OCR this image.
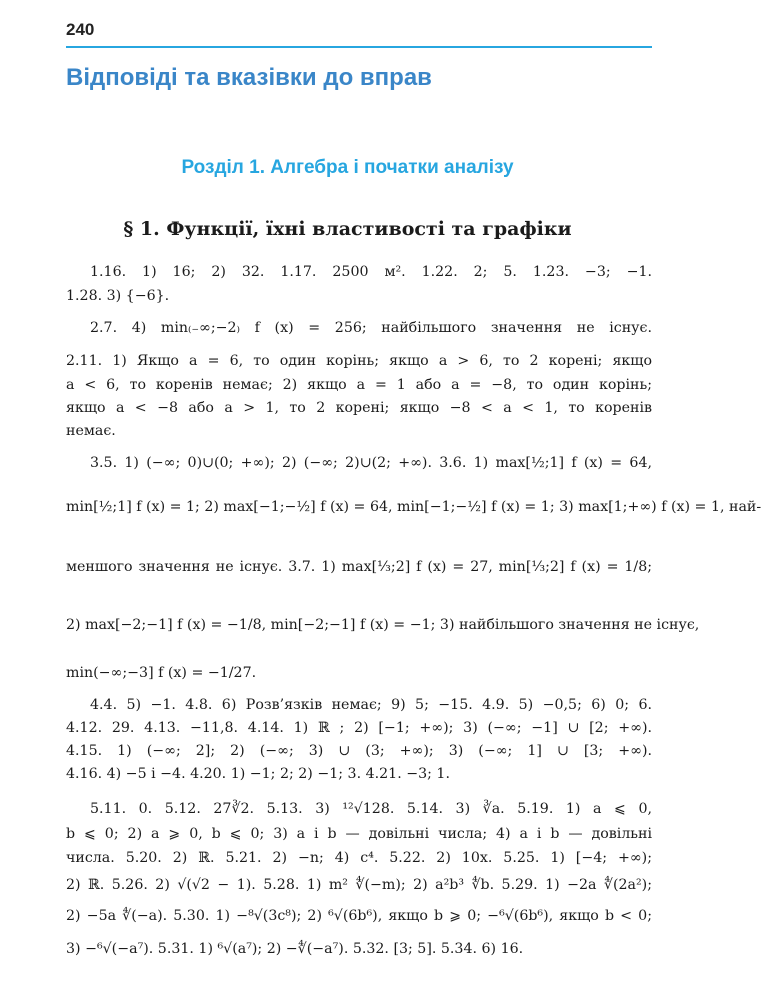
240
Відповіді та вказівки до вправ
Розділ 1. Алгебра і початки аналізу
§ 1. Функції, їхні властивості та графіки
1.16. 1) 16; 2) 32. 1.17. 2500 м². 1.22. 2; 5. 1.23. −3; −1.
1.28. 3) {−6}.
2.7. 4) min₍₋∞;−2₎ f (x) = 256; найбільшого значення не існує.
2.11. 1) Якщо a = 6, то один корінь; якщо a > 6, то 2 корені; якщо
a < 6, то коренів немає; 2) якщо a = 1 або a = −8, то один корінь;
якщо a < −8 або a > 1, то 2 корені; якщо −8 < a < 1, то коренів
немає.
3.5. 1) (−∞; 0)∪(0; +∞); 2) (−∞; 2)∪(2; +∞). 3.6. 1) max[½;1] f (x) = 64,
min[½;1] f (x) = 1; 2) max[−1;−½] f (x) = 64, min[−1;−½] f (x) = 1; 3) max[1;+∞) f (x) = 1, най-
меншого значення не існує. 3.7. 1) max[⅓;2] f (x) = 27, min[⅓;2] f (x) = 1/8;
2) max[−2;−1] f (x) = −1/8, min[−2;−1] f (x) = −1; 3) найбільшого значення не існує,
min(−∞;−3] f (x) = −1/27.
4.4. 5) −1. 4.8. 6) Розв’язків немає; 9) 5; −15. 4.9. 5) −0,5; 6) 0; 6.
4.12. 29. 4.13. −11,8. 4.14. 1) ℝ ; 2) [−1; +∞); 3) (−∞; −1] ∪ [2; +∞).
4.15. 1) (−∞; 2]; 2) (−∞; 3) ∪ (3; +∞); 3) (−∞; 1] ∪ [3; +∞).
4.16. 4) −5 і −4. 4.20. 1) −1; 2; 2) −1; 3. 4.21. −3; 1.
5.11. 0. 5.12. 27∛2. 5.13. 3) ¹²√128. 5.14. 3) ∛a. 5.19. 1) a ⩽ 0,
b ⩽ 0; 2) a ⩾ 0, b ⩽ 0; 3) a і b — довільні числа; 4) a і b — довільні
числа. 5.20. 2) ℝ. 5.21. 2) −n; 4) c⁴. 5.22. 2) 10x. 5.25. 1) [−4; +∞);
2) ℝ. 5.26. 2) √(√2 − 1). 5.28. 1) m² ∜(−m); 2) a²b³ ∜b. 5.29. 1) −2a ∜(2a²);
2) −5a ∜(−a). 5.30. 1) −⁸√(3c⁸); 2) ⁶√(6b⁶), якщо b ⩾ 0; −⁶√(6b⁶), якщо b < 0;
3) −⁶√(−a⁷). 5.31. 1) ⁶√(a⁷); 2) −∜(−a⁷). 5.32. [3; 5]. 5.34. 6) 16.
